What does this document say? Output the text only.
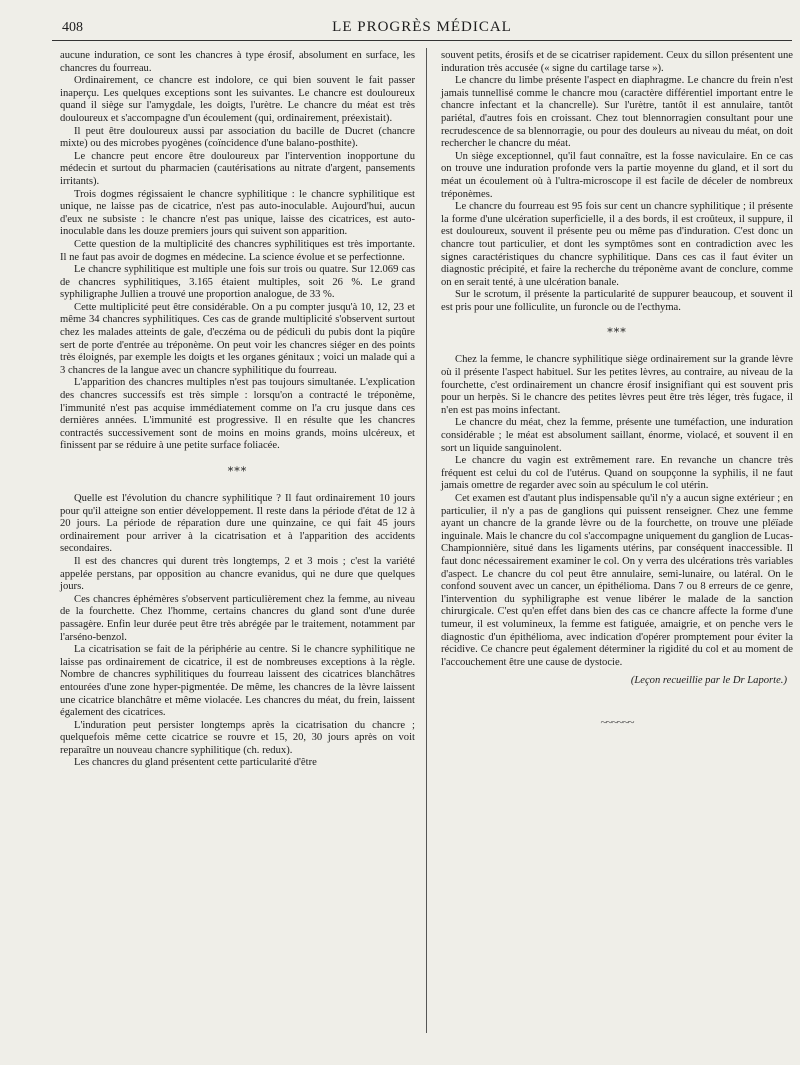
408	LE PROGRÈS MÉDICAL

aucune induration, ce sont les chancres à type érosif, absolument en surface, les chancres du fourreau.

Ordinairement, ce chancre est indolore, ce qui bien souvent le fait passer inaperçu. Les quelques exceptions sont les suivantes. Le chancre est douloureux quand il siège sur l'amygdale, les doigts, l'urètre. Le chancre du méat est très douloureux et s'accompagne d'un écoulement (qui, ordinairement, préexistait).

Il peut être douloureux aussi par association du bacille de Ducret (chancre mixte) ou des microbes pyogènes (coïncidence d'une balano-posthite).

Le chancre peut encore être douloureux par l'intervention inopportune du médecin et surtout du pharmacien (cautérisations au nitrate d'argent, pansements irritants).

Trois dogmes régissaient le chancre syphilitique : le chancre syphilitique est unique, ne laisse pas de cicatrice, n'est pas auto-inoculable. Aujourd'hui, aucun d'eux ne subsiste : le chancre n'est pas unique, laisse des cicatrices, est auto-inoculable dans les douze premiers jours qui suivent son apparition.

Cette question de la multiplicité des chancres syphilitiques est très importante. Il ne faut pas avoir de dogmes en médecine. La science évolue et se perfectionne.

Le chancre syphilitique est multiple une fois sur trois ou quatre. Sur 12.069 cas de chancres syphilitiques, 3.165 étaient multiples, soit 26 %. Le grand syphiligraphe Jullien a trouvé une proportion analogue, de 33 %.

Cette multiplicité peut être considérable. On a pu compter jusqu'à 10, 12, 23 et même 34 chancres syphilitiques. Ces cas de grande multiplicité s'observent surtout chez les malades atteints de gale, d'eczéma ou de pédiculi du pubis dont la piqûre sert de porte d'entrée au tréponème. On peut voir les chancres siéger en des points très éloignés, par exemple les doigts et les organes génitaux ; voici un malade qui a 3 chancres de la langue avec un chancre syphilitique du fourreau.

L'apparition des chancres multiples n'est pas toujours simultanée. L'explication des chancres successifs est très simple : lorsqu'on a contracté le tréponème, l'immunité n'est pas acquise immédiatement comme on l'a cru jusque dans ces dernières années. L'immunité est progressive. Il en résulte que les chancres contractés successivement sont de moins en moins grands, moins ulcéreux, et finissent par se réduire à une petite surface foliacée.

⁎⁎⁎

Quelle est l'évolution du chancre syphilitique ? Il faut ordinairement 10 jours pour qu'il atteigne son entier développement. Il reste dans la période d'état de 12 à 20 jours. La période de réparation dure une quinzaine, ce qui fait 45 jours ordinairement pour arriver à la cicatrisation et à l'apparition des accidents secondaires.

Il est des chancres qui durent très longtemps, 2 et 3 mois ; c'est la variété appelée perstans, par opposition au chancre evanidus, qui ne dure que quelques jours.

Ces chancres éphémères s'observent particulièrement chez la femme, au niveau de la fourchette. Chez l'homme, certains chancres du gland sont d'une durée passagère. Enfin leur durée peut être très abrégée par le traitement, notamment par l'arséno-benzol.

La cicatrisation se fait de la périphérie au centre. Si le chancre syphilitique ne laisse pas ordinairement de cicatrice, il est de nombreuses exceptions à la règle. Nombre de chancres syphilitiques du fourreau laissent des cicatrices blanchâtres entourées d'une zone hyper-pigmentée. De même, les chancres de la lèvre laissent une cicatrice blanchâtre et même violacée. Les chancres du méat, du frein, laissent également des cicatrices.

L'induration peut persister longtemps après la cicatrisation du chancre ; quelquefois même cette cicatrice se rouvre et 15, 20, 30 jours après on voit reparaître un nouveau chancre syphilitique (ch. redux).

Les chancres du gland présentent cette particularité d'être

souvent petits, érosifs et de se cicatriser rapidement. Ceux du sillon présentent une induration très accusée (« signe du cartilage tarse »).

Le chancre du limbe présente l'aspect en diaphragme. Le chancre du frein n'est jamais tunnellisé comme le chancre mou (caractère différentiel important entre le chancre infectant et la chancrelle). Sur l'urètre, tantôt il est annulaire, tantôt pariétal, d'autres fois en croissant. Chez tout blennorragien consultant pour une recrudescence de sa blennorragie, ou pour des douleurs au niveau du méat, on doit rechercher le chancre du méat.

Un siège exceptionnel, qu'il faut connaître, est la fosse naviculaire. En ce cas on trouve une induration profonde vers la partie moyenne du gland, et il sort du méat un écoulement où à l'ultra-microscope il est facile de déceler de nombreux tréponèmes.

Le chancre du fourreau est 95 fois sur cent un chancre syphilitique ; il présente la forme d'une ulcération superficielle, il a des bords, il est croûteux, il suppure, il est douloureux, souvent il présente peu ou même pas d'induration. C'est donc un chancre tout particulier, et dont les symptômes sont en contradiction avec les signes caractéristiques du chancre syphilitique. Dans ces cas il faut éviter un diagnostic précipité, et faire la recherche du tréponème avant de conclure, comme on en serait tenté, à une ulcération banale.

Sur le scrotum, il présente la particularité de suppurer beaucoup, et souvent il est pris pour une folliculite, un furoncle ou de l'ecthyma.

⁎⁎⁎

Chez la femme, le chancre syphilitique siège ordinairement sur la grande lèvre où il présente l'aspect habituel. Sur les petites lèvres, au contraire, au niveau de la fourchette, c'est ordinairement un chancre érosif insignifiant qui est souvent pris pour un herpès. Si le chancre des petites lèvres peut être très léger, très fugace, il n'en est pas moins infectant.

Le chancre du méat, chez la femme, présente une tuméfaction, une induration considérable ; le méat est absolument saillant, énorme, violacé, et souvent il en sort un liquide sanguinolent.

Le chancre du vagin est extrêmement rare. En revanche un chancre très fréquent est celui du col de l'utérus. Quand on soupçonne la syphilis, il ne faut jamais omettre de regarder avec soin au spéculum le col utérin.

Cet examen est d'autant plus indispensable qu'il n'y a aucun signe extérieur ; en particulier, il n'y a pas de ganglions qui puissent renseigner. Chez une femme ayant un chancre de la grande lèvre ou de la fourchette, on trouve une pléïade inguinale. Mais le chancre du col s'accompagne uniquement du ganglion de Lucas-Championnière, situé dans les ligaments utérins, par conséquent inaccessible. Il faut donc nécessairement examiner le col. On y verra des ulcérations très variables d'aspect. Le chancre du col peut être annulaire, semi-lunaire, ou latéral. On le confond souvent avec un cancer, un épithélioma. Dans 7 ou 8 erreurs de ce genre, l'intervention du syphiligraphe est venue libérer le malade de la sanction chirurgicale. C'est qu'en effet dans bien des cas ce chancre affecte la forme d'une tumeur, il est volumineux, la femme est fatiguée, amaigrie, et on penche vers le diagnostic d'un épithélioma, avec indication d'opérer promptement pour éviter la récidive. Ce chancre peut également déterminer la rigidité du col et au moment de l'accouchement être une cause de dystocie.

(Leçon recueillie par le Dr Laporte.)
~~~~~~
